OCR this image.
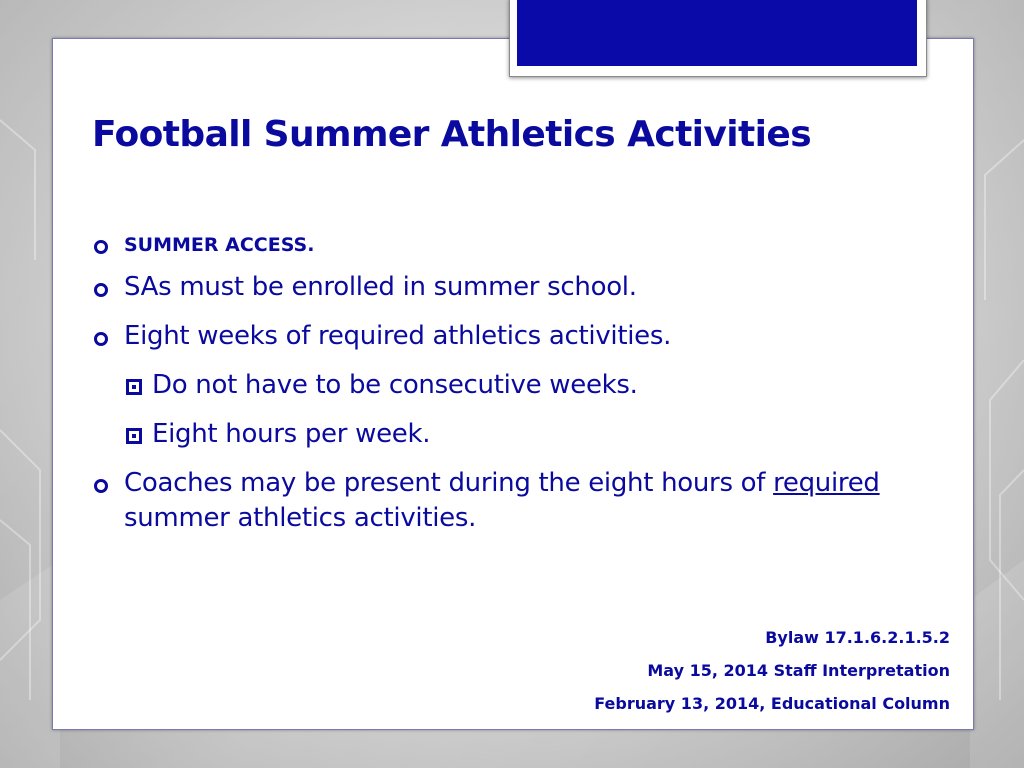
Football Summer Athletics Activities
SUMMER ACCESS.
SAs must be enrolled in summer school.
Eight weeks of required athletics activities.
Do not have to be consecutive weeks.
Eight hours per week.
Coaches may be present during the eight hours of required summer athletics activities.
Bylaw 17.1.6.2.1.5.2
May 15, 2014 Staff Interpretation
February 13, 2014, Educational Column
